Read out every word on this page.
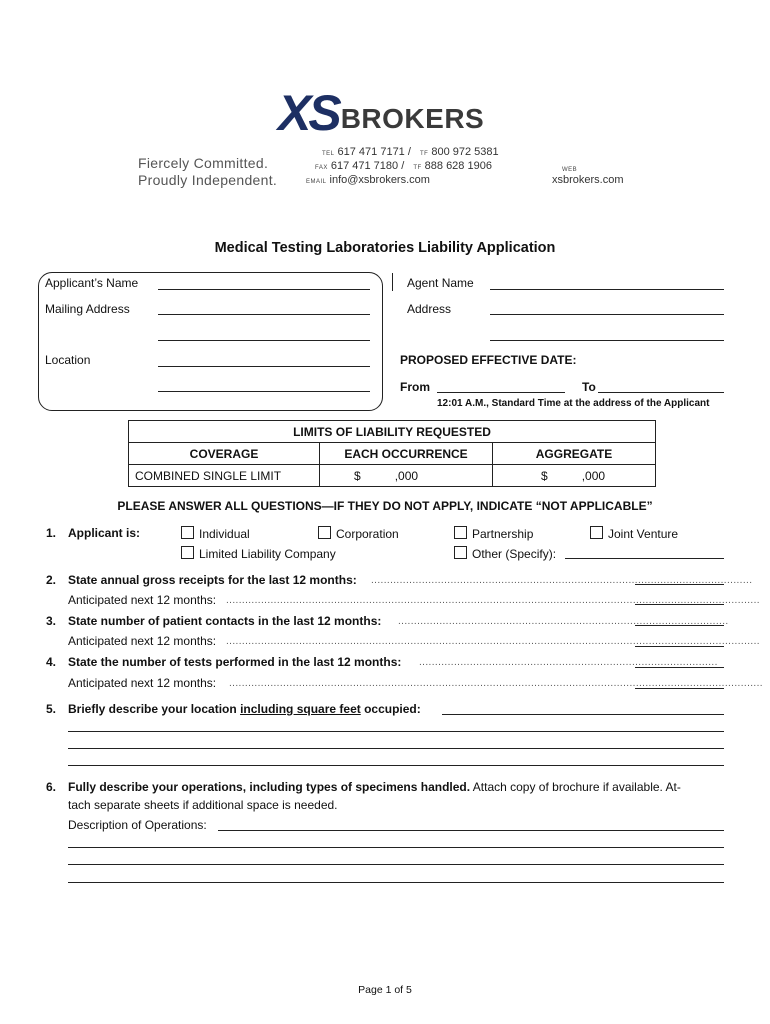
XSBROKERS
Fiercely Committed.
Proudly Independent.
TEL 617 471 7171 / TF 800 972 5381
FAX 617 471 7180 / TF 888 628 1906
EMAIL info@xsbrokers.com
WEB
xsbrokers.com
Medical Testing Laboratories Liability Application
Applicant’s Name
Mailing Address
Location
Agent Name
Address
PROPOSED EFFECTIVE DATE:
From	To
12:01 A.M., Standard Time at the address of the Applicant
LIMITS OF LIABILITY REQUESTED		
COVERAGE	EACH OCCURRENCE	AGGREGATE
COMBINED SINGLE LIMIT	$ ,000	$ ,000
PLEASE ANSWER ALL QUESTIONS—IF THEY DO NOT APPLY, INDICATE “NOT APPLICABLE”
1. Applicant is:	Individual	Corporation	Partnership	Joint Venture
Limited Liability Company	Other (Specify):
2. State annual gross receipts for the last 12 months: ........................................................................................................................
Anticipated next 12 months: ........................................................................................................................................................................
3. State number of patient contacts in the last 12 months: ........................................................................................................
Anticipated next 12 months: ........................................................................................................................................................................
4. State the number of tests performed in the last 12 months: ..............................................................................................
Anticipated next 12 months: ........................................................................................................................................................................
5. Briefly describe your location including square feet occupied:
6. Fully describe your operations, including types of specimens handled. Attach copy of brochure if available. At-
tach separate sheets if additional space is needed.
Description of Operations:
Page 1 of 5
